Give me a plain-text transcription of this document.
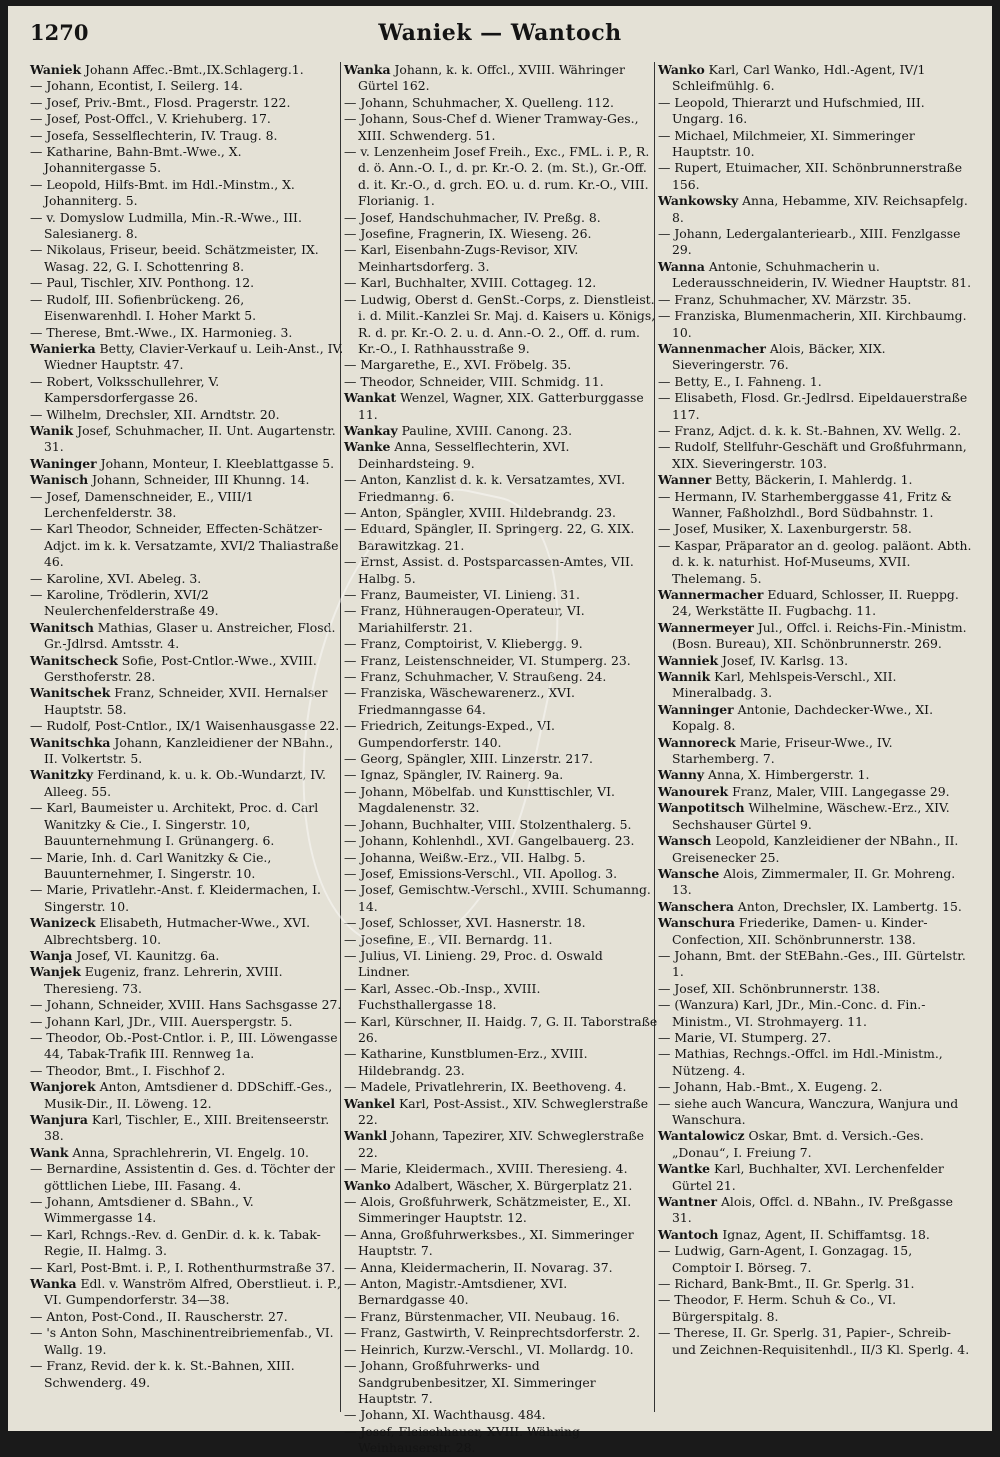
1270	Waniek — Wantoch

Waniek Johann Affec.-Bmt.,IX.Schlagerg.1.

— Johann, Econtist, I. Seilerg. 14.

— Josef, Priv.-Bmt., Flosd. Pragerstr. 122.

— Josef, Post-Offcl., V. Kriehuberg. 17.

— Josefa, Sesselflechterin, IV. Traug. 8.

— Katharine, Bahn-Bmt.-Wwe., X. Johannitergasse 5.

— Leopold, Hilfs-Bmt. im Hdl.-Minstm., X. Johanniterg. 5.

— v. Domyslow Ludmilla, Min.-R.-Wwe., III. Salesianerg. 8.

— Nikolaus, Friseur, beeid. Schätzmeister, IX. Wasag. 22, G. I. Schottenring 8.

— Paul, Tischler, XIV. Ponthong. 12.

— Rudolf, III. Sofienbrückeng. 26, Eisenwarenhdl. I. Hoher Markt 5.

— Therese, Bmt.-Wwe., IX. Harmonieg. 3.

Wanierka Betty, Clavier-Verkauf u. Leih-Anst., IV. Wiedner Hauptstr. 47.

— Robert, Volksschullehrer, V. Kampersdorfergasse 26.

— Wilhelm, Drechsler, XII. Arndtstr. 20.

Wanik Josef, Schuhmacher, II. Unt. Augartenstr. 31.

Waninger Johann, Monteur, I. Kleeblattgasse 5.

Wanisch Johann, Schneider, III Khunng. 14.

— Josef, Damenschneider, E., VIII/1 Lerchenfelderstr. 38.

— Karl Theodor, Schneider, Effecten-Schätzer-Adjct. im k. k. Versatzamte, XVI/2 Thaliastraße 46.

— Karoline, XVI. Abeleg. 3.

— Karoline, Trödlerin, XVI/2 Neulerchenfelderstraße 49.

Wanitsch Mathias, Glaser u. Anstreicher, Flosd. Gr.-Jdlrsd. Amtsstr. 4.

Wanitscheck Sofie, Post-Cntlor.-Wwe., XVIII. Gersthoferstr. 28.

Wanitschek Franz, Schneider, XVII. Hernalser Hauptstr. 58.

— Rudolf, Post-Cntlor., IX/1 Waisenhausgasse 22.

Wanitschka Johann, Kanzleidiener der NBahn., II. Volkertstr. 5.

Wanitzky Ferdinand, k. u. k. Ob.-Wundarzt, IV. Alleeg. 55.

— Karl, Baumeister u. Architekt, Proc. d. Carl Wanitzky & Cie., I. Singerstr. 10, Bauunternehmung I. Grünangerg. 6.

— Marie, Inh. d. Carl Wanitzky & Cie., Bauunternehmer, I. Singerstr. 10.

— Marie, Privatlehr.-Anst. f. Kleidermachen, I. Singerstr. 10.

Wanizeck Elisabeth, Hutmacher-Wwe., XVI. Albrechtsberg. 10.

Wanja Josef, VI. Kaunitzg. 6a.

Wanjek Eugeniz, franz. Lehrerin, XVIII. Theresieng. 73.

— Johann, Schneider, XVIII. Hans Sachsgasse 27.

— Johann Karl, JDr., VIII. Auerspergstr. 5.

— Theodor, Ob.-Post-Cntlor. i. P., III. Löwengasse 44, Tabak-Trafik III. Rennweg 1a.

— Theodor, Bmt., I. Fischhof 2.

Wanjorek Anton, Amtsdiener d. DDSchiff.-Ges., Musik-Dir., II. Löweng. 12.

Wanjura Karl, Tischler, E., XIII. Breitenseerstr. 38.

Wank Anna, Sprachlehrerin, VI. Engelg. 10.

— Bernardine, Assistentin d. Ges. d. Töchter der göttlichen Liebe, III. Fasang. 4.

— Johann, Amtsdiener d. SBahn., V. Wimmergasse 14.

— Karl, Rchngs.-Rev. d. GenDir. d. k. k. Tabak-Regie, II. Halmg. 3.

— Karl, Post-Bmt. i. P., I. Rothenthurmstraße 37.

Wanka Edl. v. Wanström Alfred, Oberstlieut. i. P., VI. Gumpendorferstr. 34—38.

— Anton, Post-Cond., II. Rauscherstr. 27.

— 's Anton Sohn, Maschinentreibriemenfab., VI. Wallg. 19.

— Franz, Revid. der k. k. St.-Bahnen, XIII. Schwenderg. 49.

Wanka Johann, k. k. Offcl., XVIII. Währinger Gürtel 162.

— Johann, Schuhmacher, X. Quelleng. 112.

— Johann, Sous-Chef d. Wiener Tramway-Ges., XIII. Schwenderg. 51.

— v. Lenzenheim Josef Freih., Exc., FML. i. P., R. d. ö. Ann.-O. I., d. pr. Kr.-O. 2. (m. St.), Gr.-Off. d. it. Kr.-O., d. grch. EO. u. d. rum. Kr.-O., VIII. Florianig. 1.

— Josef, Handschuhmacher, IV. Preßg. 8.

— Josefine, Fragnerin, IX. Wieseng. 26.

— Karl, Eisenbahn-Zugs-Revisor, XIV. Meinhartsdorferg. 3.

— Karl, Buchhalter, XVIII. Cottageg. 12.

— Ludwig, Oberst d. GenSt.-Corps, z. Dienstleist. i. d. Milit.-Kanzlei Sr. Maj. d. Kaisers u. Königs, R. d. pr. Kr.-O. 2. u. d. Ann.-O. 2., Off. d. rum. Kr.-O., I. Rathhausstraße 9.

— Margarethe, E., XVI. Fröbelg. 35.

— Theodor, Schneider, VIII. Schmidg. 11.

Wankat Wenzel, Wagner, XIX. Gatterburggasse 11.

Wankay Pauline, XVIII. Canong. 23.

Wanke Anna, Sesselflechterin, XVI. Deinhardsteing. 9.

— Anton, Kanzlist d. k. k. Versatzamtes, XVI. Friedmanng. 6.

— Anton, Spängler, XVIII. Hildebrandg. 23.

— Eduard, Spängler, II. Springerg. 22, G. XIX. Barawitzkag. 21.

— Ernst, Assist. d. Postsparcassen-Amtes, VII. Halbg. 5.

— Franz, Baumeister, VI. Linieng. 31.

— Franz, Hühneraugen-Operateur, VI. Mariahilferstr. 21.

— Franz, Comptoirist, V. Kliebergg. 9.

— Franz, Leistenschneider, VI. Stumperg. 23.

— Franz, Schuhmacher, V. Straußeng. 24.

— Franziska, Wäschewarenerz., XVI. Friedmanngasse 64.

— Friedrich, Zeitungs-Exped., VI. Gumpendorferstr. 140.

— Georg, Spängler, XIII. Linzerstr. 217.

— Ignaz, Spängler, IV. Rainerg. 9a.

— Johann, Möbelfab. und Kunsttischler, VI. Magdalenenstr. 32.

— Johann, Buchhalter, VIII. Stolzenthalerg. 5.

— Johann, Kohlenhdl., XVI. Gangelbauerg. 23.

— Johanna, Weißw.-Erz., VII. Halbg. 5.

— Josef, Emissions-Verschl., VII. Apollog. 3.

— Josef, Gemischtw.-Verschl., XVIII. Schumanng. 14.

— Josef, Schlosser, XVI. Hasnerstr. 18.

— Josefine, E., VII. Bernardg. 11.

— Julius, VI. Linieng. 29, Proc. d. Oswald Lindner.

— Karl, Assec.-Ob.-Insp., XVIII. Fuchsthallergasse 18.

— Karl, Kürschner, II. Haidg. 7, G. II. Taborstraße 26.

— Katharine, Kunstblumen-Erz., XVIII. Hildebrandg. 23.

— Madele, Privatlehrerin, IX. Beethoveng. 4.

Wankel Karl, Post-Assist., XIV. Schweglerstraße 22.

Wankl Johann, Tapezirer, XIV. Schweglerstraße 22.

— Marie, Kleidermach., XVIII. Theresieng. 4.

Wanko Adalbert, Wäscher, X. Bürgerplatz 21.

— Alois, Großfuhrwerk, Schätzmeister, E., XI. Simmeringer Hauptstr. 12.

— Anna, Großfuhrwerksbes., XI. Simmeringer Hauptstr. 7.

— Anna, Kleidermacherin, II. Novarag. 37.

— Anton, Magistr.-Amtsdiener, XVI. Bernardgasse 40.

— Franz, Bürstenmacher, VII. Neubaug. 16.

— Franz, Gastwirth, V. Reinprechtsdorferstr. 2.

— Heinrich, Kurzw.-Verschl., VI. Mollardg. 10.

— Johann, Großfuhrwerks- und Sandgrubenbesitzer, XI. Simmeringer Hauptstr. 7.

— Johann, XI. Wachthausg. 484.

— Josef, Fleischhauer, XVIII. Währing Weinhauserstr. 28.

Wanko Karl, Carl Wanko, Hdl.-Agent, IV/1 Schleifmühlg. 6.

— Leopold, Thierarzt und Hufschmied, III. Ungarg. 16.

— Michael, Milchmeier, XI. Simmeringer Hauptstr. 10.

— Rupert, Etuimacher, XII. Schönbrunnerstraße 156.

Wankowsky Anna, Hebamme, XIV. Reichsapfelg. 8.

— Johann, Ledergalanteriearb., XIII. Fenzlgasse 29.

Wanna Antonie, Schuhmacherin u. Lederausschneiderin, IV. Wiedner Hauptstr. 81.

— Franz, Schuhmacher, XV. Märzstr. 35.

— Franziska, Blumenmacherin, XII. Kirchbaumg. 10.

Wannenmacher Alois, Bäcker, XIX. Sieveringerstr. 76.

— Betty, E., I. Fahneng. 1.

— Elisabeth, Flosd. Gr.-Jedlrsd. Eipeldauerstraße 117.

— Franz, Adjct. d. k. k. St.-Bahnen, XV. Wellg. 2.

— Rudolf, Stellfuhr-Geschäft und Großfuhrmann, XIX. Sieveringerstr. 103.

Wanner Betty, Bäckerin, I. Mahlerdg. 1.

— Hermann, IV. Starhemberggasse 41, Fritz & Wanner, Faßholzhdl., Bord Südbahnstr. 1.

— Josef, Musiker, X. Laxenburgerstr. 58.

— Kaspar, Präparator an d. geolog. paläont. Abth. d. k. k. naturhist. Hof-Museums, XVII. Thelemang. 5.

Wannermacher Eduard, Schlosser, II. Rueppg. 24, Werkstätte II. Fugbachg. 11.

Wannermeyer Jul., Offcl. i. Reichs-Fin.-Ministm. (Bosn. Bureau), XII. Schönbrunnerstr. 269.

Wanniek Josef, IV. Karlsg. 13.

Wannik Karl, Mehlspeis-Verschl., XII. Mineralbadg. 3.

Wanninger Antonie, Dachdecker-Wwe., XI. Kopalg. 8.

Wannoreck Marie, Friseur-Wwe., IV. Starhemberg. 7.

Wanny Anna, X. Himbergerstr. 1.

Wanourek Franz, Maler, VIII. Langegasse 29.

Wanpotitsch Wilhelmine, Wäschew.-Erz., XIV. Sechshauser Gürtel 9.

Wansch Leopold, Kanzleidiener der NBahn., II. Greisenecker 25.

Wansche Alois, Zimmermaler, II. Gr. Mohreng. 13.

Wanschera Anton, Drechsler, IX. Lambertg. 15.

Wanschura Friederike, Damen- u. Kinder-Confection, XII. Schönbrunnerstr. 138.

— Johann, Bmt. der StEBahn.-Ges., III. Gürtelstr. 1.

— Josef, XII. Schönbrunnerstr. 138.

— (Wanzura) Karl, JDr., Min.-Conc. d. Fin.-Ministm., VI. Strohmayerg. 11.

— Marie, VI. Stumperg. 27.

— Mathias, Rechngs.-Offcl. im Hdl.-Ministm., Nützeng. 4.

— Johann, Hab.-Bmt., X. Eugeng. 2.

— siehe auch Wancura, Wanczura, Wanjura und Wanschura.

Wantalowicz Oskar, Bmt. d. Versich.-Ges. „Donau“, I. Freiung 7.

Wantke Karl, Buchhalter, XVI. Lerchenfelder Gürtel 21.

Wantner Alois, Offcl. d. NBahn., IV. Preßgasse 31.

Wantoch Ignaz, Agent, II. Schiffamtsg. 18.

— Ludwig, Garn-Agent, I. Gonzagag. 15, Comptoir I. Börseg. 7.

— Richard, Bank-Bmt., II. Gr. Sperlg. 31.

— Theodor, F. Herm. Schuh & Co., VI. Bürgerspitalg. 8.

— Therese, II. Gr. Sperlg. 31, Papier-, Schreib- und Zeichnen-Requisitenhdl., II/3 Kl. Sperlg. 4.
